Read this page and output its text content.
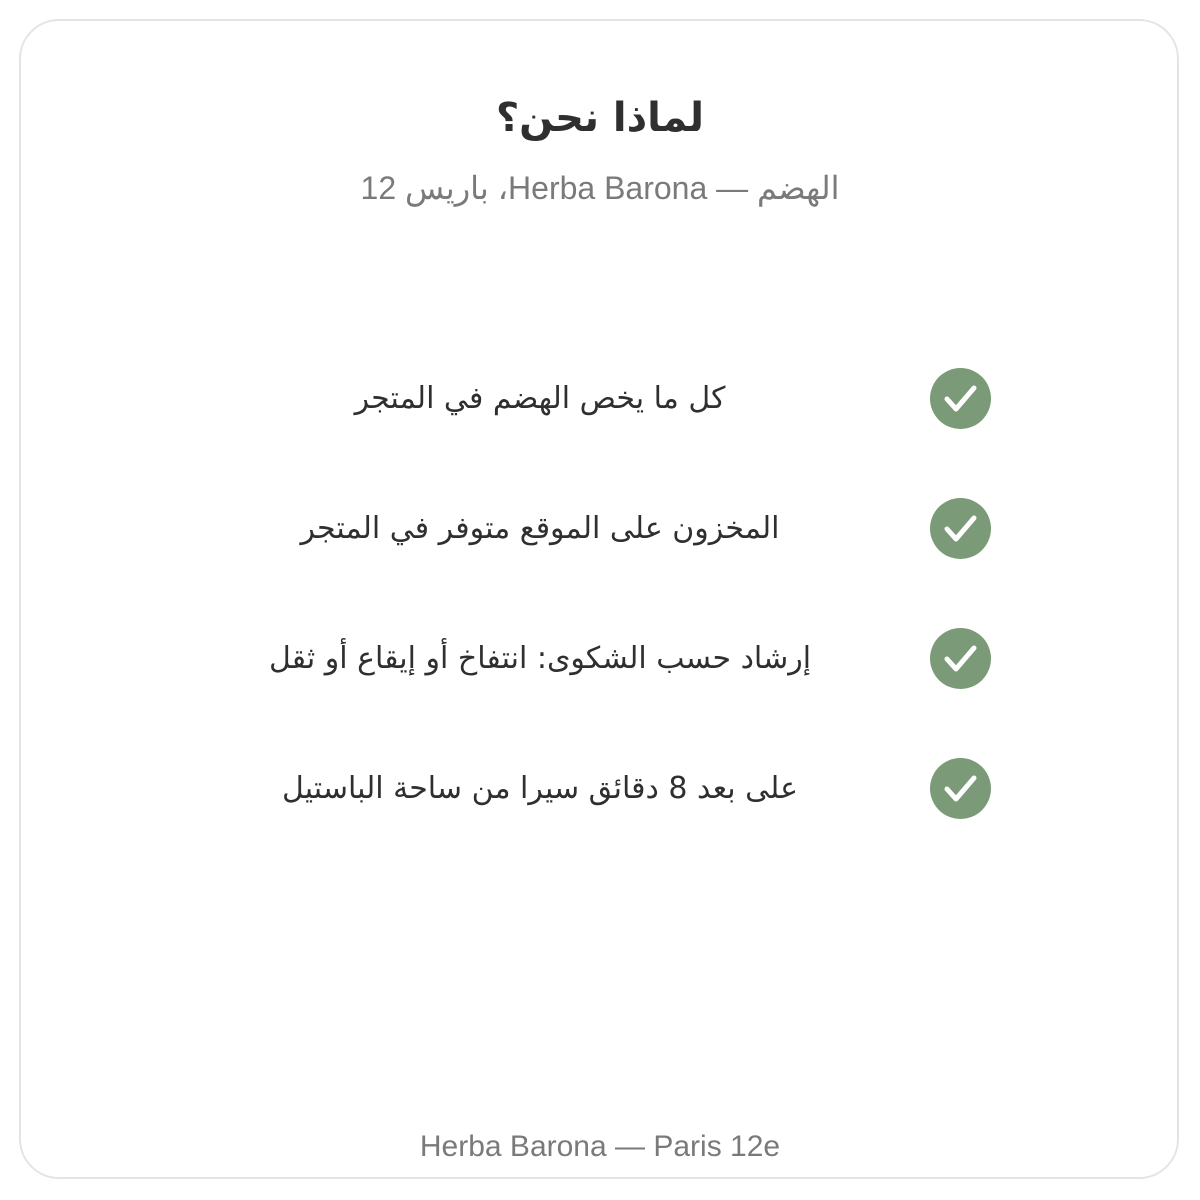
لماذا نحن؟

الهضم — Herba Barona، باريس 12

كل ما يخص الهضم في المتجر
المخزون على الموقع متوفر في المتجر
إرشاد حسب الشكوى: انتفاخ أو إيقاع أو ثقل
على بعد 8 دقائق سيرا من ساحة الباستيل

Herba Barona — Paris 12e
